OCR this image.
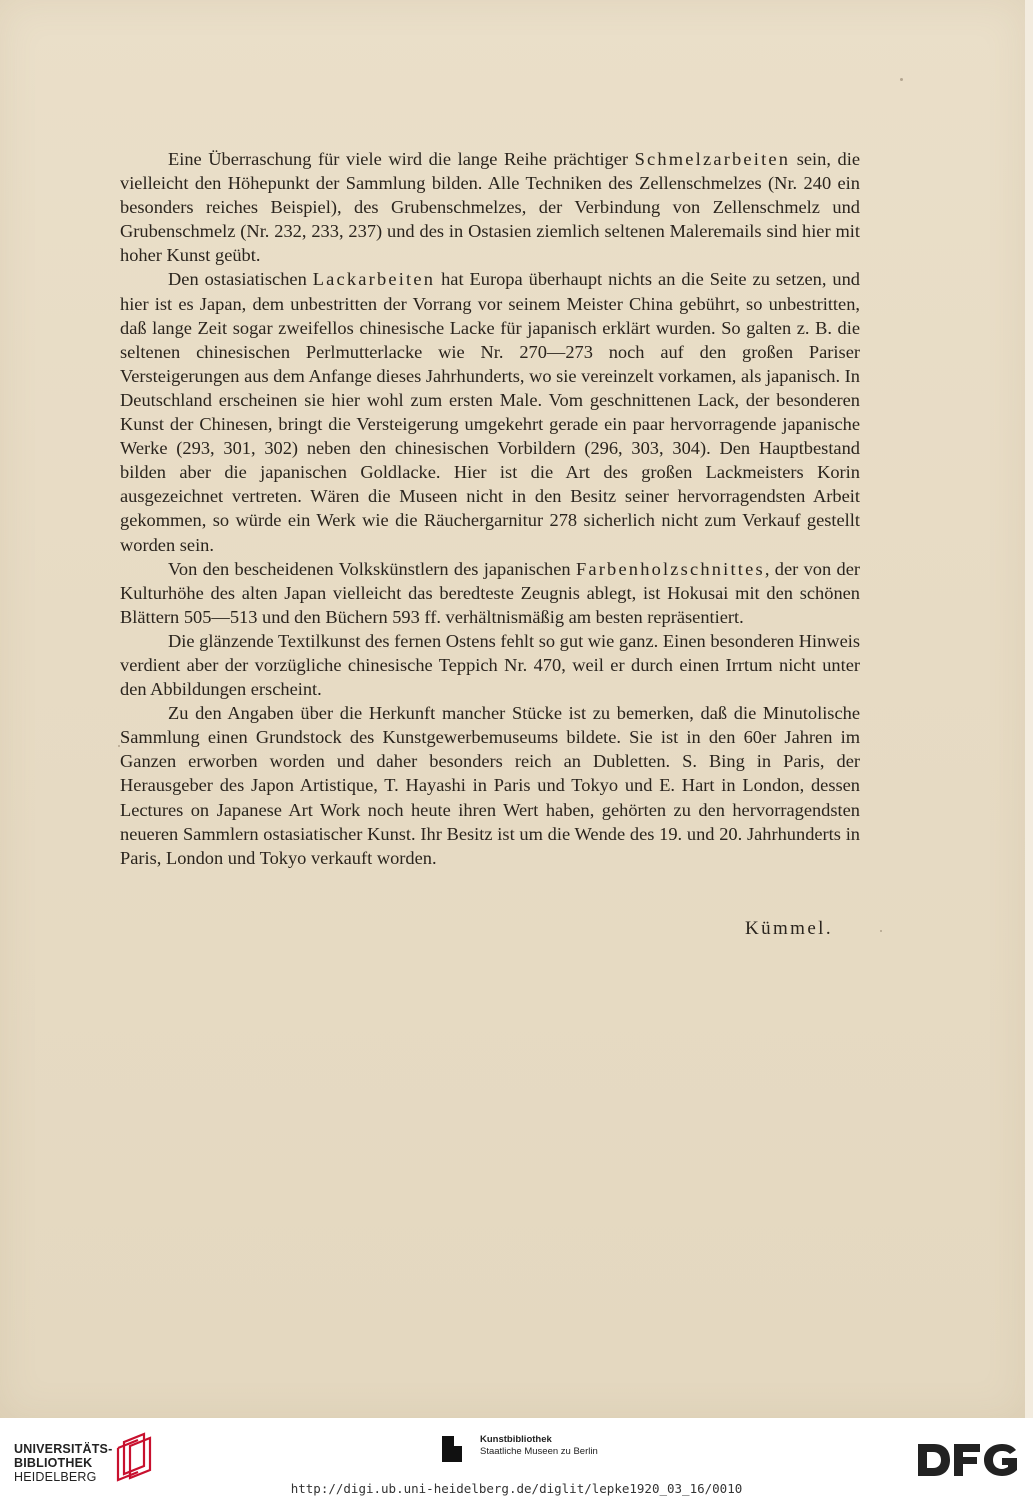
Eine Überraschung für viele wird die lange Reihe prächtiger Schmelzarbeiten sein, die vielleicht den Höhepunkt der Sammlung bilden. Alle Techniken des Zellenschmelzes (Nr. 240 ein besonders reiches Beispiel), des Grubenschmelzes, der Verbindung von Zellenschmelz und Grubenschmelz (Nr. 232, 233, 237) und des in Ostasien ziemlich seltenen Maleremails sind hier mit hoher Kunst geübt.

Den ostasiatischen Lackarbeiten hat Europa überhaupt nichts an die Seite zu setzen, und hier ist es Japan, dem unbestritten der Vorrang vor seinem Meister China gebührt, so unbestritten, daß lange Zeit sogar zweifellos chinesische Lacke für japanisch erklärt wurden. So galten z. B. die seltenen chinesischen Perlmutterlacke wie Nr. 270—273 noch auf den großen Pariser Versteigerungen aus dem Anfange dieses Jahrhunderts, wo sie vereinzelt vorkamen, als japanisch. In Deutschland erscheinen sie hier wohl zum ersten Male. Vom geschnittenen Lack, der besonderen Kunst der Chinesen, bringt die Versteigerung umgekehrt gerade ein paar hervorragende japanische Werke (293, 301, 302) neben den chinesischen Vorbildern (296, 303, 304). Den Hauptbestand bilden aber die japanischen Goldlacke. Hier ist die Art des großen Lackmeisters Korin ausgezeichnet vertreten. Wären die Museen nicht in den Besitz seiner hervorragendsten Arbeit gekommen, so würde ein Werk wie die Räuchergarnitur 278 sicherlich nicht zum Verkauf gestellt worden sein.

Von den bescheidenen Volkskünstlern des japanischen Farbenholzschnittes, der von der Kulturhöhe des alten Japan vielleicht das beredteste Zeugnis ablegt, ist Hokusai mit den schönen Blättern 505—513 und den Büchern 593 ff. verhältnismäßig am besten repräsentiert.

Die glänzende Textilkunst des fernen Ostens fehlt so gut wie ganz. Einen besonderen Hinweis verdient aber der vorzügliche chinesische Teppich Nr. 470, weil er durch einen Irrtum nicht unter den Abbildungen erscheint.

Zu den Angaben über die Herkunft mancher Stücke ist zu bemerken, daß die Minutolische Sammlung einen Grundstock des Kunstgewerbemuseums bildete. Sie ist in den 60er Jahren im Ganzen erworben worden und daher besonders reich an Dubletten. S. Bing in Paris, der Herausgeber des Japon Artistique, T. Hayashi in Paris und Tokyo und E. Hart in London, dessen Lectures on Japanese Art Work noch heute ihren Wert haben, gehörten zu den hervorragendsten neueren Sammlern ostasiatischer Kunst. Ihr Besitz ist um die Wende des 19. und 20. Jahrhunderts in Paris, London und Tokyo verkauft worden.

Kümmel.
UNIVERSITÄTS-
BIBLIOTHEK
HEIDELBERG
Kunstbibliothek
Staatliche Museen zu Berlin
DFG
http://digi.ub.uni-heidelberg.de/diglit/lepke1920_03_16/0010
